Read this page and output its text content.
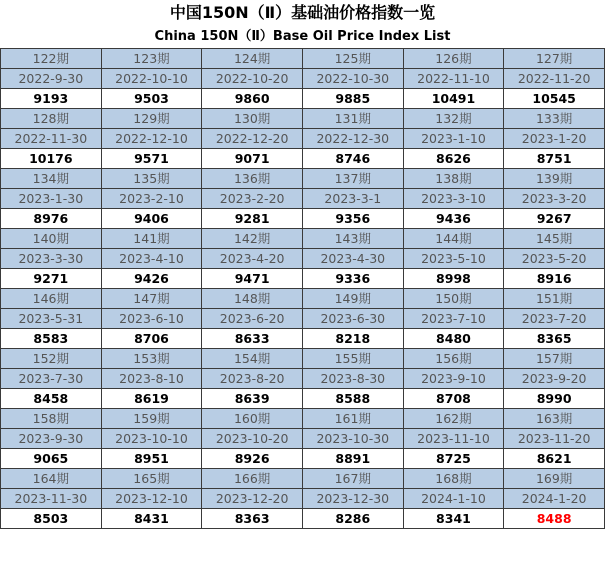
中国150N（Ⅱ）基础油价格指数一览
China 150N（Ⅱ）Base Oil Price Index List
122期	123期	124期	125期	126期	127期
2022-9-30	2022-10-10	2022-10-20	2022-10-30	2022-11-10	2022-11-20
9193	9503	9860	9885	10491	10545
128期	129期	130期	131期	132期	133期
2022-11-30	2022-12-10	2022-12-20	2022-12-30	2023-1-10	2023-1-20
10176	9571	9071	8746	8626	8751
134期	135期	136期	137期	138期	139期
2023-1-30	2023-2-10	2023-2-20	2023-3-1	2023-3-10	2023-3-20
8976	9406	9281	9356	9436	9267
140期	141期	142期	143期	144期	145期
2023-3-30	2023-4-10	2023-4-20	2023-4-30	2023-5-10	2023-5-20
9271	9426	9471	9336	8998	8916
146期	147期	148期	149期	150期	151期
2023-5-31	2023-6-10	2023-6-20	2023-6-30	2023-7-10	2023-7-20
8583	8706	8633	8218	8480	8365
152期	153期	154期	155期	156期	157期
2023-7-30	2023-8-10	2023-8-20	2023-8-30	2023-9-10	2023-9-20
8458	8619	8639	8588	8708	8990
158期	159期	160期	161期	162期	163期
2023-9-30	2023-10-10	2023-10-20	2023-10-30	2023-11-10	2023-11-20
9065	8951	8926	8891	8725	8621
164期	165期	166期	167期	168期	169期
2023-11-30	2023-12-10	2023-12-20	2023-12-30	2024-1-10	2024-1-20
8503	8431	8363	8286	8341	8488
